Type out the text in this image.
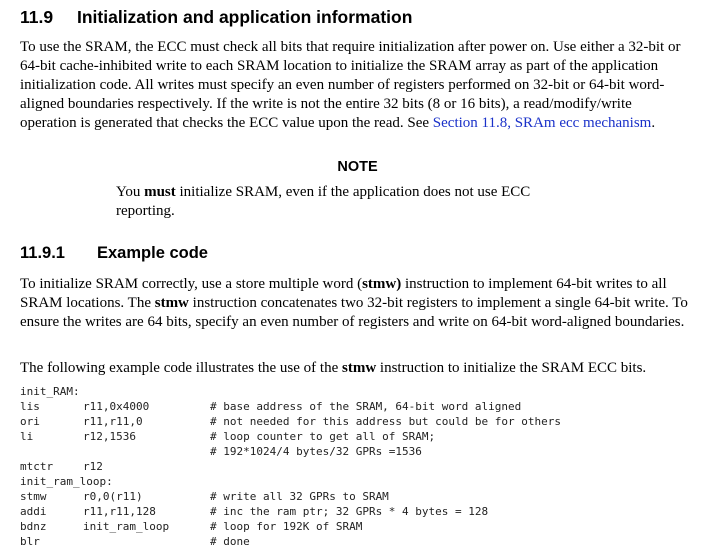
11.9 Initialization and application information
To use the SRAM, the ECC must check all bits that require initialization after power on. Use either a 32-bit or 64-bit cache-inhibited write to each SRAM location to initialize the SRAM array as part of the application initialization code. All writes must specify an even number of registers performed on 32-bit or 64-bit word-aligned boundaries respectively. If the write is not the entire 32 bits (8 or 16 bits), a read/modify/write operation is generated that checks the ECC value upon the read. See Section 11.8, SRAm ecc mechanism.
NOTE
You must initialize SRAM, even if the application does not use ECC reporting.
11.9.1 Example code
To initialize SRAM correctly, use a store multiple word (stmw) instruction to implement 64-bit writes to all SRAM locations. The stmw instruction concatenates two 32-bit registers to implement a single 64-bit write. To ensure the writes are 64 bits, specify an even number of registers and write on 64-bit word-aligned boundaries.
The following example code illustrates the use of the stmw instruction to initialize the SRAM ECC bits.
init_RAM:
lis	r11,0x4000	# base address of the SRAM, 64-bit word aligned
ori	r11,r11,0	# not needed for this address but could be for others
li	r12,1536	# loop counter to get all of SRAM;
# 192*1024/4 bytes/32 GPRs =1536
mtctr	r12
init_ram_loop:
stmw	r0,0(r11)	# write all 32 GPRs to SRAM
addi	r11,r11,128	# inc the ram ptr; 32 GPRs * 4 bytes = 128
bdnz	init_ram_loop	# loop for 192K of SRAM
blr	# done
